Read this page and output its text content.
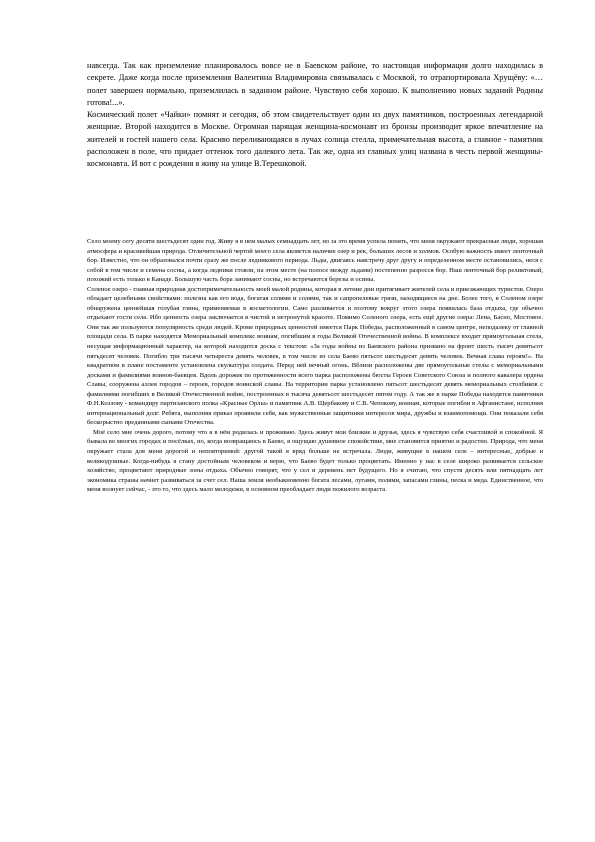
навсегда. Так как приземление планировалось вовсе не в Баевском районе, то настоящая информация долго находилась в секрете. Даже когда после приземления Валентина Владимировна связывалась с Москвой, то отрапортировала Хрущёву: «…полет завершен нормально, приземлилась в заданном районе. Чувствую себя хорошо. К выполнению новых заданий Родины готова!...».

Космический полет «Чайки» помнят и сегодня, об этом свидетельствует один из двух памятников, построенных легендарной женщине. Второй находится в Москве. Огромная парящая женщина-космонавт из бронзы производит яркое впечатление на жителей и гостей нашего села. Красиво переливающаяся в лучах солнца стелла, примечательная высота, а главное - памятник расположен в поле, что придает оттенок того далекого лета. Так же, одна из главных улиц названа в честь первой женщины-космонавта. И вот с рождения я живу на улице В.Терешковой.

Село моему сегу десяти шестьдесят один год. Живу я в нем малых семнадцать лет, но за это время успела понять, что меня окружают прекрасные люди, хорошая атмосфера и красивейшая природа. Отличительной чертой моего села является наличие озер и рек, больших лесов и холмов. Особую важность имеет ленточный бор. Известно, что он образовался почти сразу же после ледникового периода. Льды, двигаясь навстречу друг другу и определенном месте остановились, неся с собой в том числе и семена сосны, а когда ледники стояли, на этом месте (на полосе между льдами) постепенно разросся бор. Наш ленточный бор реликтовый, похожий есть только в Канаде. Большую часть бора занимают сосны, но встречаются березы и осины.

Соленое озеро - главная природная достопримечательность моей малой родины, которая в летние дни притягивает жителей села и приезжающих туристов. Озеро обладает целебными свойствами: полезна как его вода, богатая солями и солями, так и сапропелевые грязи, находящиеся на дне. Более того, в Соленом озере обнаружена ценнейшая голубая глина, применяемая в косметологии. Само разливается и поэтому вокруг этого озера появилась база отдыха, где обычно отдыхают гости села. Ибо ценность озера заключается в чистой и нетронутой красоте. Помимо Соленого озера, есть ещё другие озера: Лена, Басно, Мостовое. Они так же пользуются популярность среди людей. Кроме природных ценностей имеется Парк Победы, расположенный в самом центре, неподалеку от главной площади села. В парке находятся Мемориальный комплекс воинам, погибшим в годы Великой Отечественной войны. В комплексе входит прямоугольная стела, несущая информационный характер, на которой находится доска с текстом: «За годы войны из Баевского района призвано на фронт шесть тысяч девятьсот пятьдесят человек. Погибло три тысячи четыреста девять человек, в том числе из села Баево пятьсот шестьдесят девять человек. Вечная слава героям!». На квадратном в плане постаменте установлена скульптура солдата. Перед ней вечный огонь. Вблизи расположены две прямоугольные стелы с мемориальными досками и фамилиями воинов-баевцев. Вдоль дорожек по протяженности всего парка расположены бюсты Героев Советского Союза и полного кавалера ордена Славы, сооружена аллея городов – героев, городов воинской славы. На территории парка установлено пятьсот шестьдесят девять мемориальных столбиков с фамилиями погибших в Великой Отечественной войне, построенных в тысяча девятьсот шестьдесят пятом году. А так же в парке Победы находятся памятники Ф.Н.Козлову - командиру партизанского полка «Красные Орлы» и памятник А.В. Щербакову и С.В. Чепокову, воинам, которые погибли в Афганистане, исполняя интернациональный долг. Ребята, выполняя приказ проявили себя, как мужественные защитники интересов мира, дружбы и взаимопомощи. Они показали себя бескорыстно преданными сынами Отечества.

Моё село мне очень дорого, потому что я в нём родилась и проживаю. Здесь живут мои близкие и друзья, здесь я чувствую себя счастливой и спокойной. Я бывала во многих городах и посёлках, но, когда возвращаюсь в Баево, я ощущаю душевное спокойствие, мне становится приятно и радостно. Природа, что меня окружает стала для меня дорогой и неповторимой: другой такой я вряд больше не встречала. Люди, живущие в нашем селе – интересные, добрые и великодушные. Когда-нибудь я стану достойным человеком и верю, что Баево будет только процветать. Именно у нас в селе широко развивается сельское хозяйство, процветают природные зоны отдыха. Обычно говорят, что у сел и деревень нет будущего. Но я считаю, что спустя десять или пятнадцать лет экономика страны начнет развиваться за счет сел. Наша земля необыкновенно богата лесами, лугами, полями, запасами глины, песка и меда. Единственное, что меня волнует сейчас, - это то, что здесь мало молодежи, в основном преобладает люди пожилого возраста.
